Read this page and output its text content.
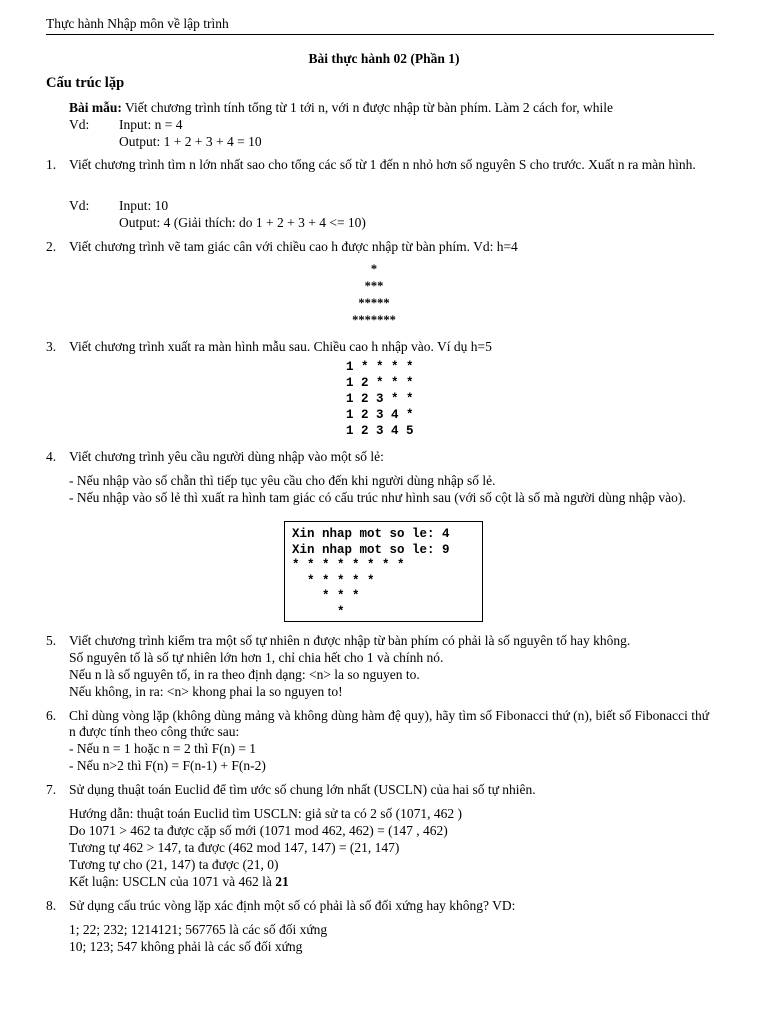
Thực hành Nhập môn về lập trình
Bài thực hành 02 (Phần 1)
Cấu trúc lặp
Bài mẫu: Viết chương trình tính tổng từ 1 tới n, với n được nhập từ bàn phím. Làm 2 cách for, while
Vd: Input: n = 4
Output: 1 + 2 + 3 + 4 = 10
1. Viết chương trình tìm n lớn nhất sao cho tổng các số từ 1 đến n nhỏ hơn số nguyên S cho trước. Xuất n ra màn hình.
Vd: Input: 10
Output: 4 (Giải thích: do 1 + 2 + 3 + 4 <= 10)
2. Viết chương trình vẽ tam giác cân với chiều cao h được nhập từ bàn phím. Vd: h=4
*
***
*****
*******
3. Viết chương trình xuất ra màn hình mẫu sau. Chiều cao h nhập vào. Ví dụ h=5
1 * * * *
1 2 * * *
1 2 3 * *
1 2 3 4 *
1 2 3 4 5
4. Viết chương trình yêu cầu người dùng nhập vào một số lẻ:
- Nếu nhập vào số chẵn thì tiếp tục yêu cầu cho đến khi người dùng nhập số lẻ.
- Nếu nhập vào số lẻ thì xuất ra hình tam giác có cấu trúc như hình sau (với số cột là số mà người dùng nhập vào).
Xin nhap mot so le: 4
Xin nhap mot so le: 9
* * * * * * * *
* * * * *
* * *
*
5. Viết chương trình kiểm tra một số tự nhiên n được nhập từ bàn phím có phải là số nguyên tố hay không.
Số nguyên tố là số tự nhiên lớn hơn 1, chỉ chia hết cho 1 và chính nó.
Nếu n là số nguyên tố, in ra theo định dạng: <n> la so nguyen to.
Nếu không, in ra: <n> khong phai la so nguyen to!
6. Chỉ dùng vòng lặp (không dùng mảng và không dùng hàm đệ quy), hãy tìm số Fibonacci thứ (n), biết số Fibonacci thứ n được tính theo công thức sau:
- Nếu n = 1 hoặc n = 2 thì F(n) = 1
- Nếu n>2 thì F(n) = F(n-1) + F(n-2)
7. Sử dụng thuật toán Euclid để tìm ước số chung lớn nhất (USCLN) của hai số tự nhiên.
Hướng dẫn: thuật toán Euclid tìm USCLN: giả sử ta có 2 số (1071, 462 )
Do 1071 > 462 ta được cặp số mới (1071 mod 462, 462) = (147 , 462)
Tương tự 462 > 147, ta được (462 mod 147, 147) = (21, 147)
Tương tự cho (21, 147) ta được (21, 0)
Kết luận: USCLN của 1071 và 462 là 21
8. Sử dụng cấu trúc vòng lặp xác định một số có phải là số đối xứng hay không? VD:
1; 22; 232; 1214121; 567765 là các số đối xứng
10; 123; 547 không phải là các số đối xứng
